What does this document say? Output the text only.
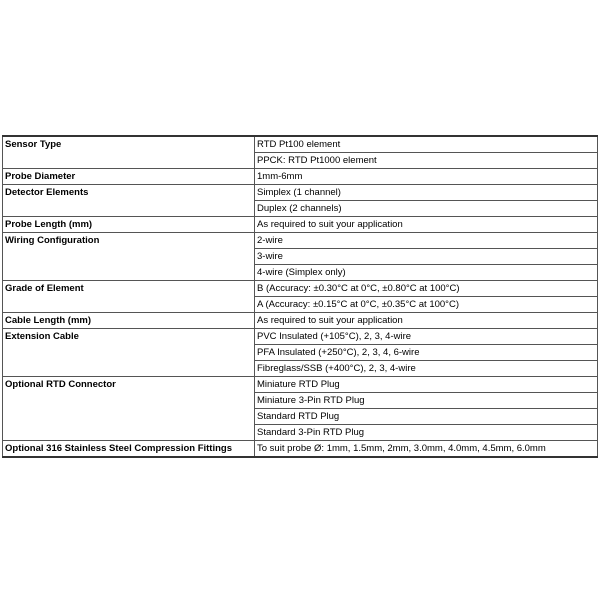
Sensor Type	RTD Pt100 element
	PPCK: RTD Pt1000 element
Probe Diameter	1mm-6mm
Detector Elements	Simplex (1 channel)
	Duplex (2 channels)
Probe Length (mm)	As required to suit your application
Wiring Configuration	2-wire
	3-wire
	4-wire (Simplex only)
Grade of Element	B (Accuracy: ±0.30°C at 0°C, ±0.80°C at 100°C)
	A (Accuracy: ±0.15°C at 0°C, ±0.35°C at 100°C)
Cable Length (mm)	As required to suit your application
Extension Cable	PVC Insulated (+105°C), 2, 3, 4-wire
	PFA Insulated (+250°C), 2, 3, 4, 6-wire
	Fibreglass/SSB (+400°C), 2, 3, 4-wire
Optional RTD Connector	Miniature RTD Plug
	Miniature 3-Pin RTD Plug
	Standard RTD Plug
	Standard 3-Pin RTD Plug
Optional 316 Stainless Steel Compression Fittings	To suit probe Ø: 1mm, 1.5mm, 2mm, 3.0mm, 4.0mm, 4.5mm, 6.0mm
